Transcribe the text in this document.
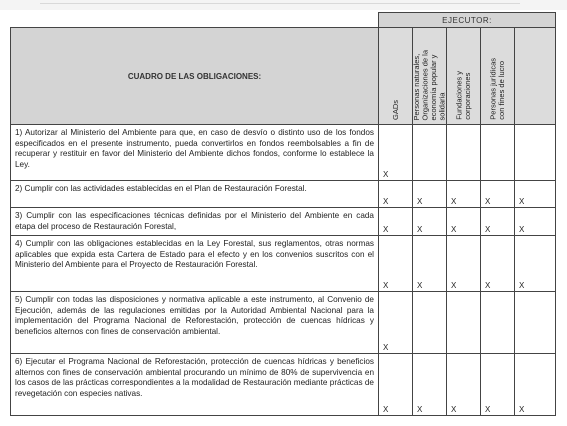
	EJECUTOR:				
CUADRO DE LAS OBLIGACIONES:	GADs	Personas naturales,
Organizaciones de la
economía popular y
solidaria	Fundaciones y
corporaciones	Personas jurídicas
con fines de lucro	

1) Autorizar al Ministerio del Ambiente para que, en caso de desvío o distinto uso de los fondos especificados en el presente instrumento, pueda convertirlos en fondos reembolsables a fin de recuperar y restituir en favor del Ministerio del Ambiente dichos fondos, conforme lo establece la Ley.	X				

2) Cumplir con las actividades establecidas en el Plan de Restauración Forestal.	X	X	X	X	X

3) Cumplir con las especificaciones técnicas definidas por el Ministerio del Ambiente en cada etapa del proceso de Restauración Forestal,	X	X	X	X	X

4) Cumplir con las obligaciones establecidas en la Ley Forestal, sus reglamentos, otras normas aplicables que expida esta Cartera de Estado para el efecto y en los convenios suscritos con el Ministerio del Ambiente para el Proyecto de Restauración Forestal.	X	X	X	X	X

5) Cumplir con todas las disposiciones y normativa aplicable a este instrumento, al Convenio de Ejecución, además de las regulaciones emitidas por la Autoridad Ambiental Nacional para la implementación del Programa Nacional de Reforestación, protección de cuencas hídricas y beneficios alternos con fines de conservación ambiental.	X				

6) Ejecutar el Programa Nacional de Reforestación, protección de cuencas hídricas y beneficios alternos con fines de conservación ambiental procurando un mínimo de 80% de supervivencia en los casos de las prácticas correspondientes a la modalidad de Restauración mediante prácticas de revegetación con especies nativas.	X	X	X	X	X
